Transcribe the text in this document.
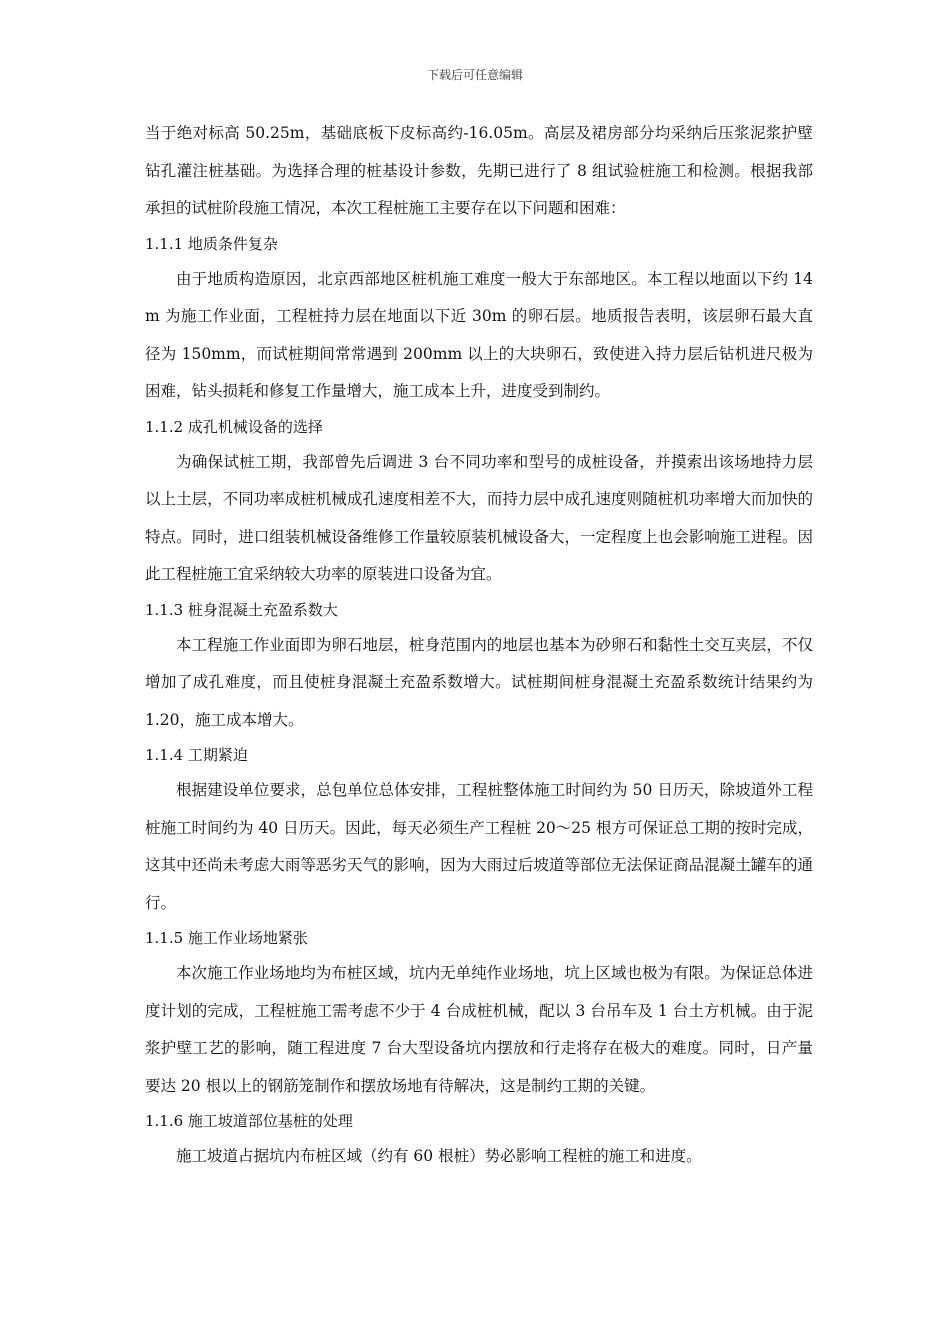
下载后可任意编辑

当于绝对标高 50.25m，基础底板下皮标高约-16.05m。高层及裙房部分均采纳后压浆泥浆护壁钻孔灌注桩基础。为选择合理的桩基设计参数，先期已进行了 8 组试验桩施工和检测。根据我部承担的试桩阶段施工情况，本次工程桩施工主要存在以下问题和困难：

1.1.1 地质条件复杂

由于地质构造原因，北京西部地区桩机施工难度一般大于东部地区。本工程以地面以下约 14m 为施工作业面，工程桩持力层在地面以下近 30m 的卵石层。地质报告表明，该层卵石最大直径为 150mm，而试桩期间常常遇到 200mm 以上的大块卵石，致使进入持力层后钻机进尺极为困难，钻头损耗和修复工作量增大，施工成本上升，进度受到制约。

1.1.2 成孔机械设备的选择

为确保试桩工期，我部曾先后调进 3 台不同功率和型号的成桩设备，并摸索出该场地持力层以上土层，不同功率成桩机械成孔速度相差不大，而持力层中成孔速度则随桩机功率增大而加快的特点。同时，进口组装机械设备维修工作量较原装机械设备大，一定程度上也会影响施工进程。因此工程桩施工宜采纳较大功率的原装进口设备为宜。

1.1.3 桩身混凝土充盈系数大

本工程施工作业面即为卵石地层，桩身范围内的地层也基本为砂卵石和黏性土交互夹层，不仅增加了成孔难度，而且使桩身混凝土充盈系数增大。试桩期间桩身混凝土充盈系数统计结果约为 1.20，施工成本增大。

1.1.4 工期紧迫

根据建设单位要求，总包单位总体安排，工程桩整体施工时间约为 50 日历天，除坡道外工程桩施工时间约为 40 日历天。因此，每天必须生产工程桩 20～25 根方可保证总工期的按时完成，这其中还尚未考虑大雨等恶劣天气的影响，因为大雨过后坡道等部位无法保证商品混凝土罐车的通行。

1.1.5 施工作业场地紧张

本次施工作业场地均为布桩区域，坑内无单纯作业场地，坑上区域也极为有限。为保证总体进度计划的完成，工程桩施工需考虑不少于 4 台成桩机械，配以 3 台吊车及 1 台土方机械。由于泥浆护壁工艺的影响，随工程进度 7 台大型设备坑内摆放和行走将存在极大的难度。同时，日产量要达 20 根以上的钢筋笼制作和摆放场地有待解决，这是制约工期的关键。

1.1.6 施工坡道部位基桩的处理

施工坡道占据坑内布桩区域（约有 60 根桩）势必影响工程桩的施工和进度。
